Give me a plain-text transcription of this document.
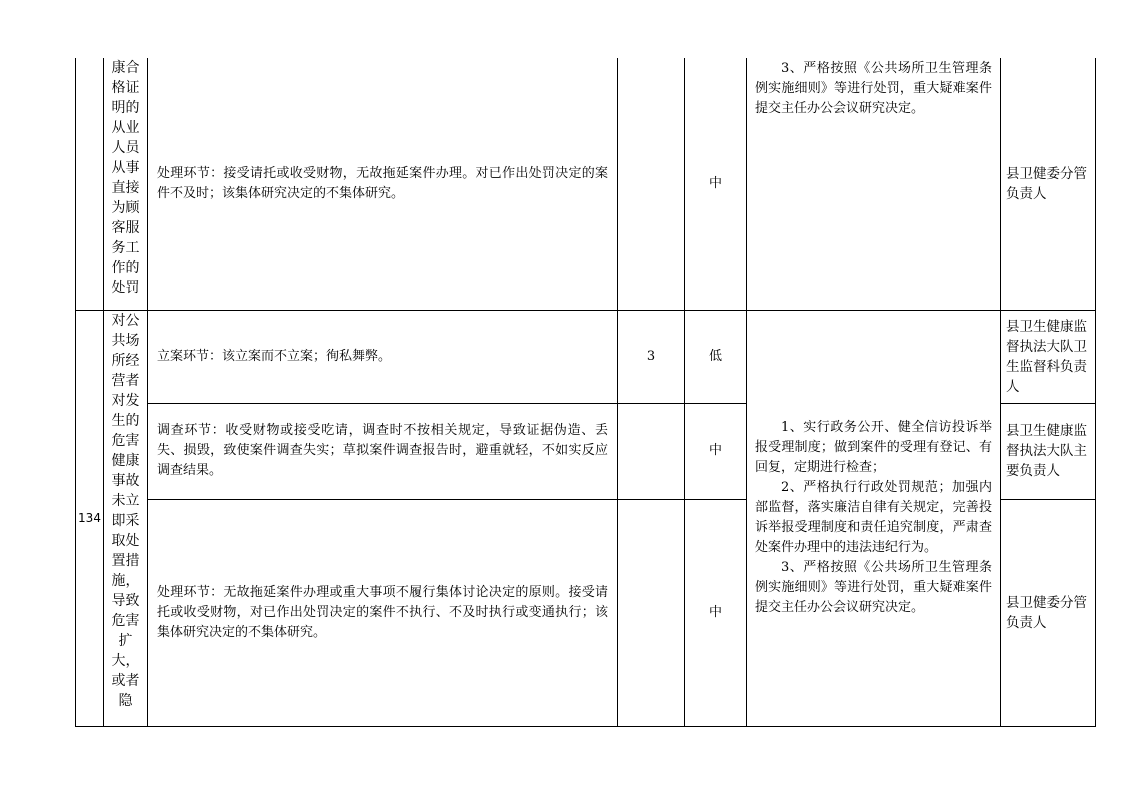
	康合格证明的从业人员从事直接为顾客服务工作的处罚	处理环节：接受请托或收受财物，无故拖延案件办理。对已作出处罚决定的案件不及时；该集体研究决定的不集体研究。		中	3、严格按照《公共场所卫生管理条例实施细则》等进行处罚，重大疑难案件提交主任办公会议研究决定。	县卫健委分管负责人
134	对公共场所经营者对发生的危害健康事故未立即采取处置措施，导致危害扩大，或者隐	立案环节：该立案而不立案；徇私舞弊。	3	低	1、实行政务公开、健全信访投诉举报受理制度；做到案件的受理有登记、有回复，定期进行检查；
2、严格执行行政处罚规范；加强内部监督，落实廉洁自律有关规定，完善投诉举报受理制度和责任追究制度，严肃查处案件办理中的违法违纪行为。
3、严格按照《公共场所卫生管理条例实施细则》等进行处罚，重大疑难案件提交主任办公会议研究决定。	县卫生健康监督执法大队卫生监督科负责人

		调查环节：收受财物或接受吃请，调查时不按相关规定，导致证据伪造、丢失、损毁，致使案件调查失实；草拟案件调查报告时，避重就轻，不如实反应调查结果。		中		县卫生健康监督执法大队主要负责人

		处理环节：无故拖延案件办理或重大事项不履行集体讨论决定的原则。接受请托或收受财物，对已作出处罚决定的案件不执行、不及时执行或变通执行；该集体研究决定的不集体研究。		中		县卫健委分管负责人
